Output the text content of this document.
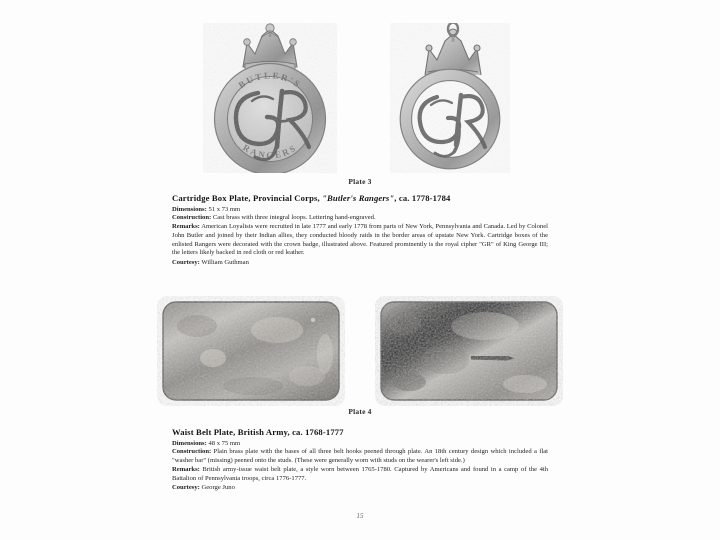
BUTLER'S
RANGERS
Plate 3
Cartridge Box Plate, Provincial Corps, "Butler's Rangers", ca. 1778-1784

Dimensions: 51 x 73 mm

Construction: Cast brass with three integral loops. Lettering hand-engraved.

Remarks: American Loyalists were recruited in late 1777 and early 1778 from parts of New York, Pennsylvania and Canada. Led by Colonel John Butler and joined by their Indian allies, they conducted bloody raids in the border areas of upstate New York. Cartridge boxes of the enlisted Rangers were decorated with the crown badge, illustrated above. Featured prominently is the royal cipher "GR" of King George III; the letters likely backed in red cloth or red leather.

Courtesy: William Guthman

Plate 4
Waist Belt Plate, British Army, ca. 1768-1777

Dimensions: 48 x 75 mm

Construction: Plain brass plate with the bases of all three belt hooks peened through plate. An 18th century design which included a flat "washer bar" (missing) peened onto the studs. (These were generally worn with studs on the wearer's left side.)

Remarks: British army-issue waist belt plate, a style worn between 1765-1780. Captured by Americans and found in a camp of the 4th Battalion of Pennsylvania troops, circa 1776-1777.

Courtesy: George Juno

15
